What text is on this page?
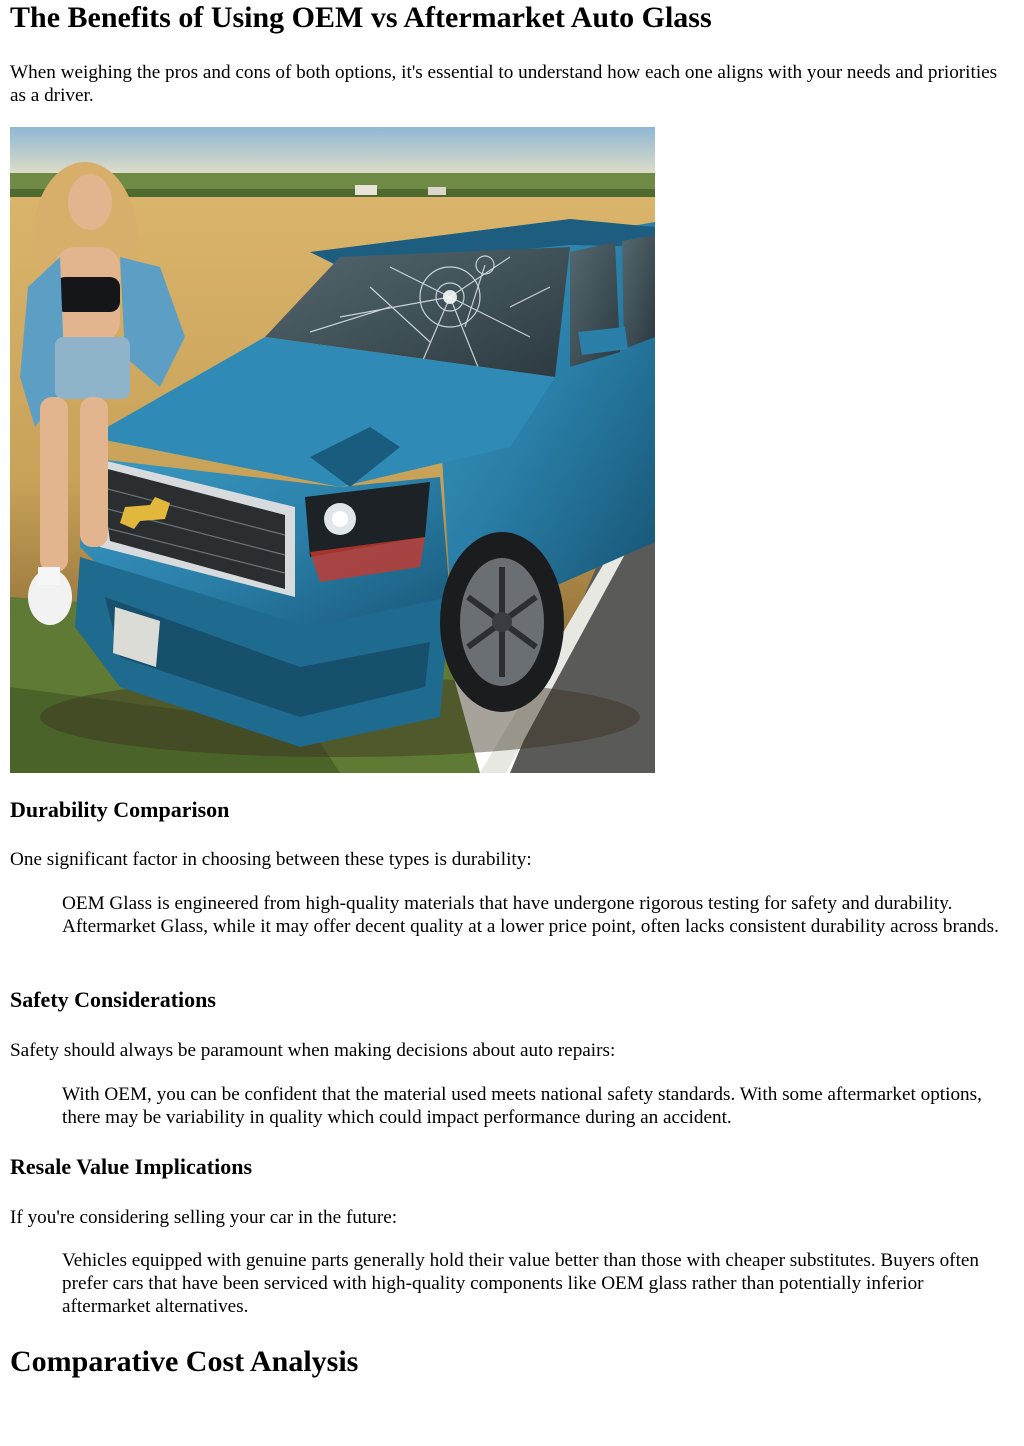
The Benefits of Using OEM vs Aftermarket Auto Glass

When weighing the pros and cons of both options, it's essential to understand how each one aligns with your needs and priorities as a driver.

Durability Comparison

One significant factor in choosing between these types is durability:

OEM Glass is engineered from high-quality materials that have undergone rigorous testing for safety and durability. Aftermarket Glass, while it may offer decent quality at a lower price point, often lacks consistent durability across brands.

Safety Considerations

Safety should always be paramount when making decisions about auto repairs:

With OEM, you can be confident that the material used meets national safety standards. With some aftermarket options, there may be variability in quality which could impact performance during an accident.

Resale Value Implications

If you're considering selling your car in the future:

Vehicles equipped with genuine parts generally hold their value better than those with cheaper substitutes. Buyers often prefer cars that have been serviced with high-quality components like OEM glass rather than potentially inferior aftermarket alternatives.

Comparative Cost Analysis
